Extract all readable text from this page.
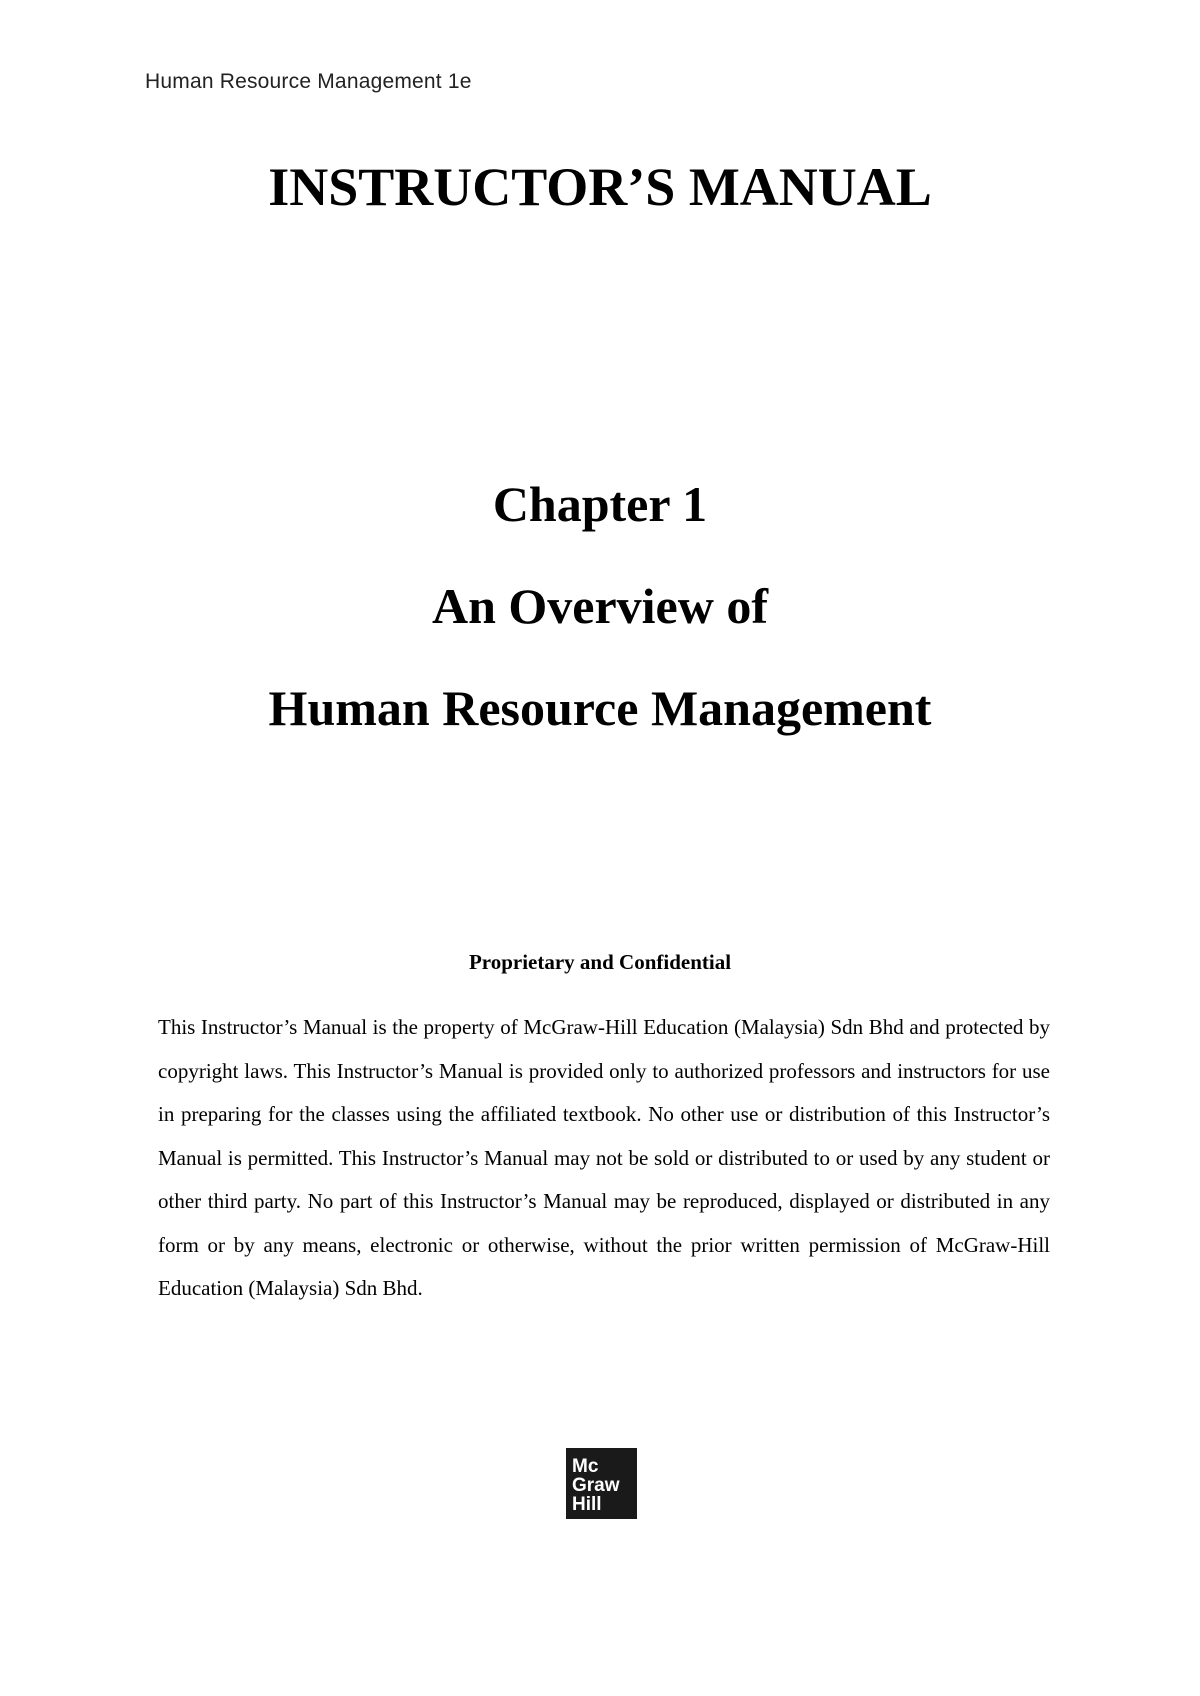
Human Resource Management 1e
INSTRUCTOR’S MANUAL
Chapter 1
An Overview of
Human Resource Management
Proprietary and Confidential
This Instructor’s Manual is the property of McGraw-Hill Education (Malaysia) Sdn Bhd and protected by copyright laws. This Instructor’s Manual is provided only to authorized professors and instructors for use in preparing for the classes using the affiliated textbook. No other use or distribution of this Instructor’s Manual is permitted. This Instructor’s Manual may not be sold or distributed to or used by any student or other third party. No part of this Instructor’s Manual may be reproduced, displayed or distributed in any form or by any means, electronic or otherwise, without the prior written permission of McGraw-Hill Education (Malaysia) Sdn Bhd.
Mc
Graw
Hill
